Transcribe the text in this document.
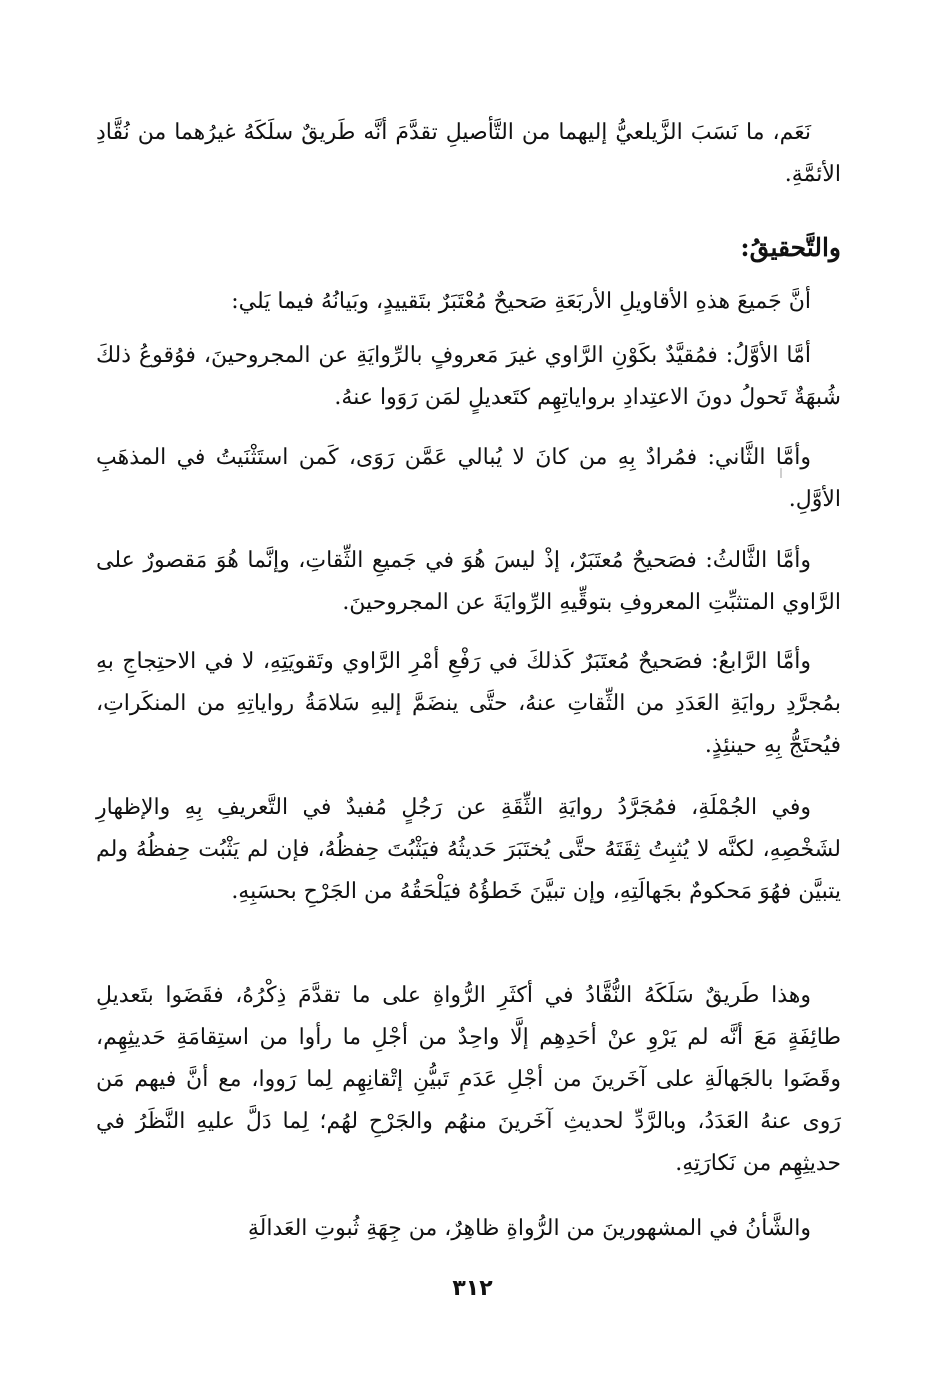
نَعَم، ما نَسَبَ الزَّيلعيُّ إليهما من التَّأصيلِ تقدَّمَ أنَّه طَريقٌ سلَكَهُ غيرُهما من نُقَّادِ الأئمَّةِ.

والتَّحقيقُ:

أنَّ جَميعَ هذهِ الأقاويلِ الأربَعَةِ صَحيحٌ مُعْتَبَرٌ بتَقييدٍ، وبَيانُهُ فيما يَلي:

أمَّا الأوَّلُ: فمُقيَّدٌ بكَوْنِ الرَّاوي غيرَ مَعروفٍ بالرِّوايَةِ عن المجروحينَ، فوُقوعُ ذلكَ شُبهَةٌ تَحولُ دونَ الاعتِدادِ برواياتِهِم كتَعديلٍ لمَن رَوَوا عنهُ.

وأمَّا الثَّاني: فمُرادٌ بِهِ من كانَ لا يُبالي عَمَّن رَوَى، كَمن استَثْنَيتُ في المذهَبِ الأوَّلِ.

وأمَّا الثَّالثُ: فصَحيحٌ مُعتَبَرٌ، إذْ ليسَ هُوَ في جَميعِ الثِّقاتِ، وإنَّما هُوَ مَقصورٌ على الرَّاوي المتثبِّتِ المعروفِ بتوقِّيهِ الرِّوايَةَ عن المجروحينَ.

وأمَّا الرَّابعُ: فصَحيحٌ مُعتَبَرٌ كَذلكَ في رَفْعِ أمْرِ الرَّاوي وتَقويَتِهِ، لا في الاحتِجاجِ بهِ بمُجرَّدِ روايَةِ العَدَدِ من الثِّقاتِ عنهُ، حتَّى ينضَمَّ إليهِ سَلامَةُ رواياتِهِ من المنكَراتِ، فيُحتَجُّ بِهِ حينئِذٍ.

وفي الجُمْلَةِ، فمُجَرَّدُ روايَةِ الثِّقَةِ عن رَجُلٍ مُفيدٌ في التَّعريفِ بِهِ والإظهارِ لشَخْصِهِ، لكنَّه لا يُثبِتُ ثِقَتَهُ حتَّى يُختَبَرَ حَديثُهُ فيَثْبُتَ حِفظُهُ، فإن لم يَثْبُت حِفظُهُ ولم يتبيَّن فهُوَ مَحكومٌ بجَهالَتِهِ، وإن تبيَّنَ خَطؤُهُ فيَلْحَقُهُ من الجَرْحِ بحسَبِهِ.

وهذا طَريقٌ سَلَكَهُ النُّقَّادُ في أكثَرِ الرُّواةِ على ما تقدَّمَ ذِكْرُهُ، فقَضَوا بتَعديلِ طائِفَةٍ مَعَ أنَّه لم يَرْوِ عنْ أحَدِهِم إلَّا واحِدٌ من أجْلِ ما رأوا من استِقامَةِ حَديثِهِم، وقَضَوا بالجَهالَةِ على آخَرينَ من أجْلِ عَدَمِ تَبيُّنِ إتْقانِهِم لِما رَووا، مع أنَّ فيهم مَن رَوى عنهُ العَدَدُ، وبالرَّدِّ لحديثِ آخَرينَ منهُم والجَرْحِ لهُم؛ لِما دَلَّ عليهِ النَّظَرُ في حديثِهِم من نَكارَتِهِ.

والشَّأنُ في المشهورينَ من الرُّواةِ ظاهِرٌ، من جِهَةِ ثُبوتِ العَدالَةِ

٣١٢
